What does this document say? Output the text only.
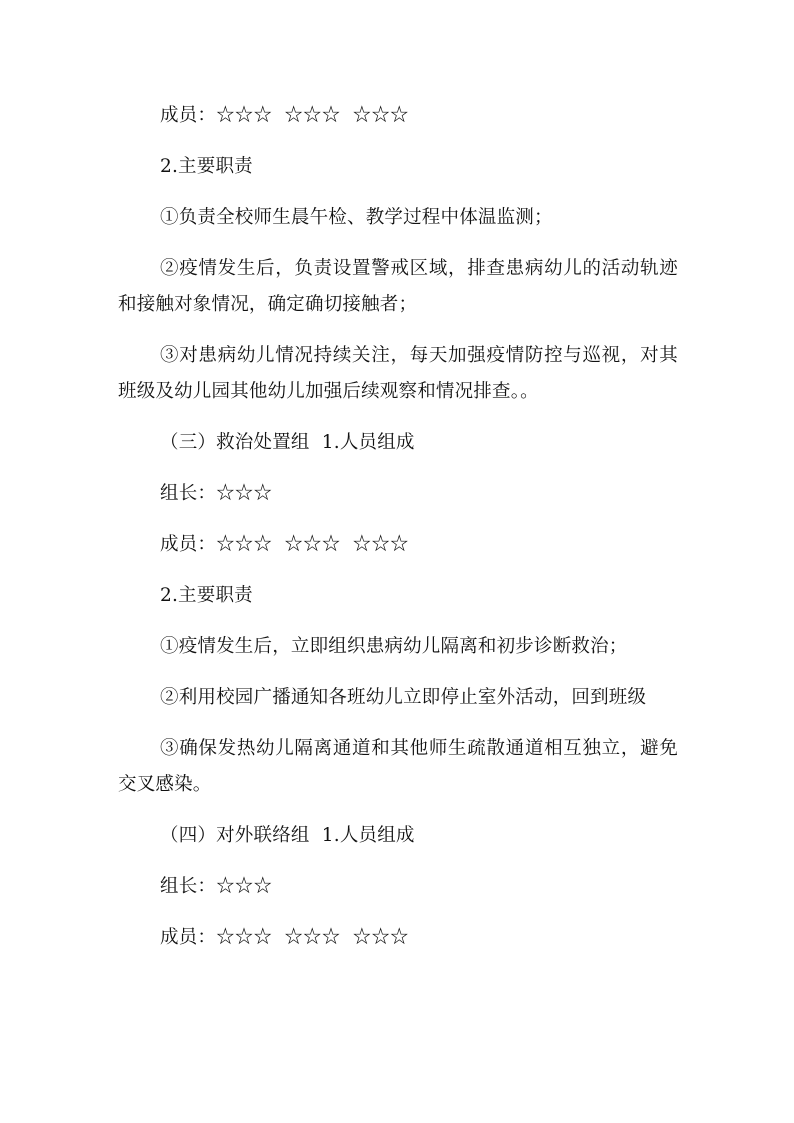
成员：☆☆☆  ☆☆☆  ☆☆☆

2.主要职责

①负责全校师生晨午检、教学过程中体温监测；

②疫情发生后，负责设置警戒区域，排查患病幼儿的活动轨迹和接触对象情况，确定确切接触者；

③对患病幼儿情况持续关注，每天加强疫情防控与巡视，对其班级及幼儿园其他幼儿加强后续观察和情况排查。。

（三）救治处置组  1.人员组成

组长：☆☆☆

成员：☆☆☆  ☆☆☆  ☆☆☆

2.主要职责

①疫情发生后，立即组织患病幼儿隔离和初步诊断救治；

②利用校园广播通知各班幼儿立即停止室外活动，回到班级

③确保发热幼儿隔离通道和其他师生疏散通道相互独立，避免交叉感染。

（四）对外联络组  1.人员组成

组长：☆☆☆

成员：☆☆☆  ☆☆☆  ☆☆☆
